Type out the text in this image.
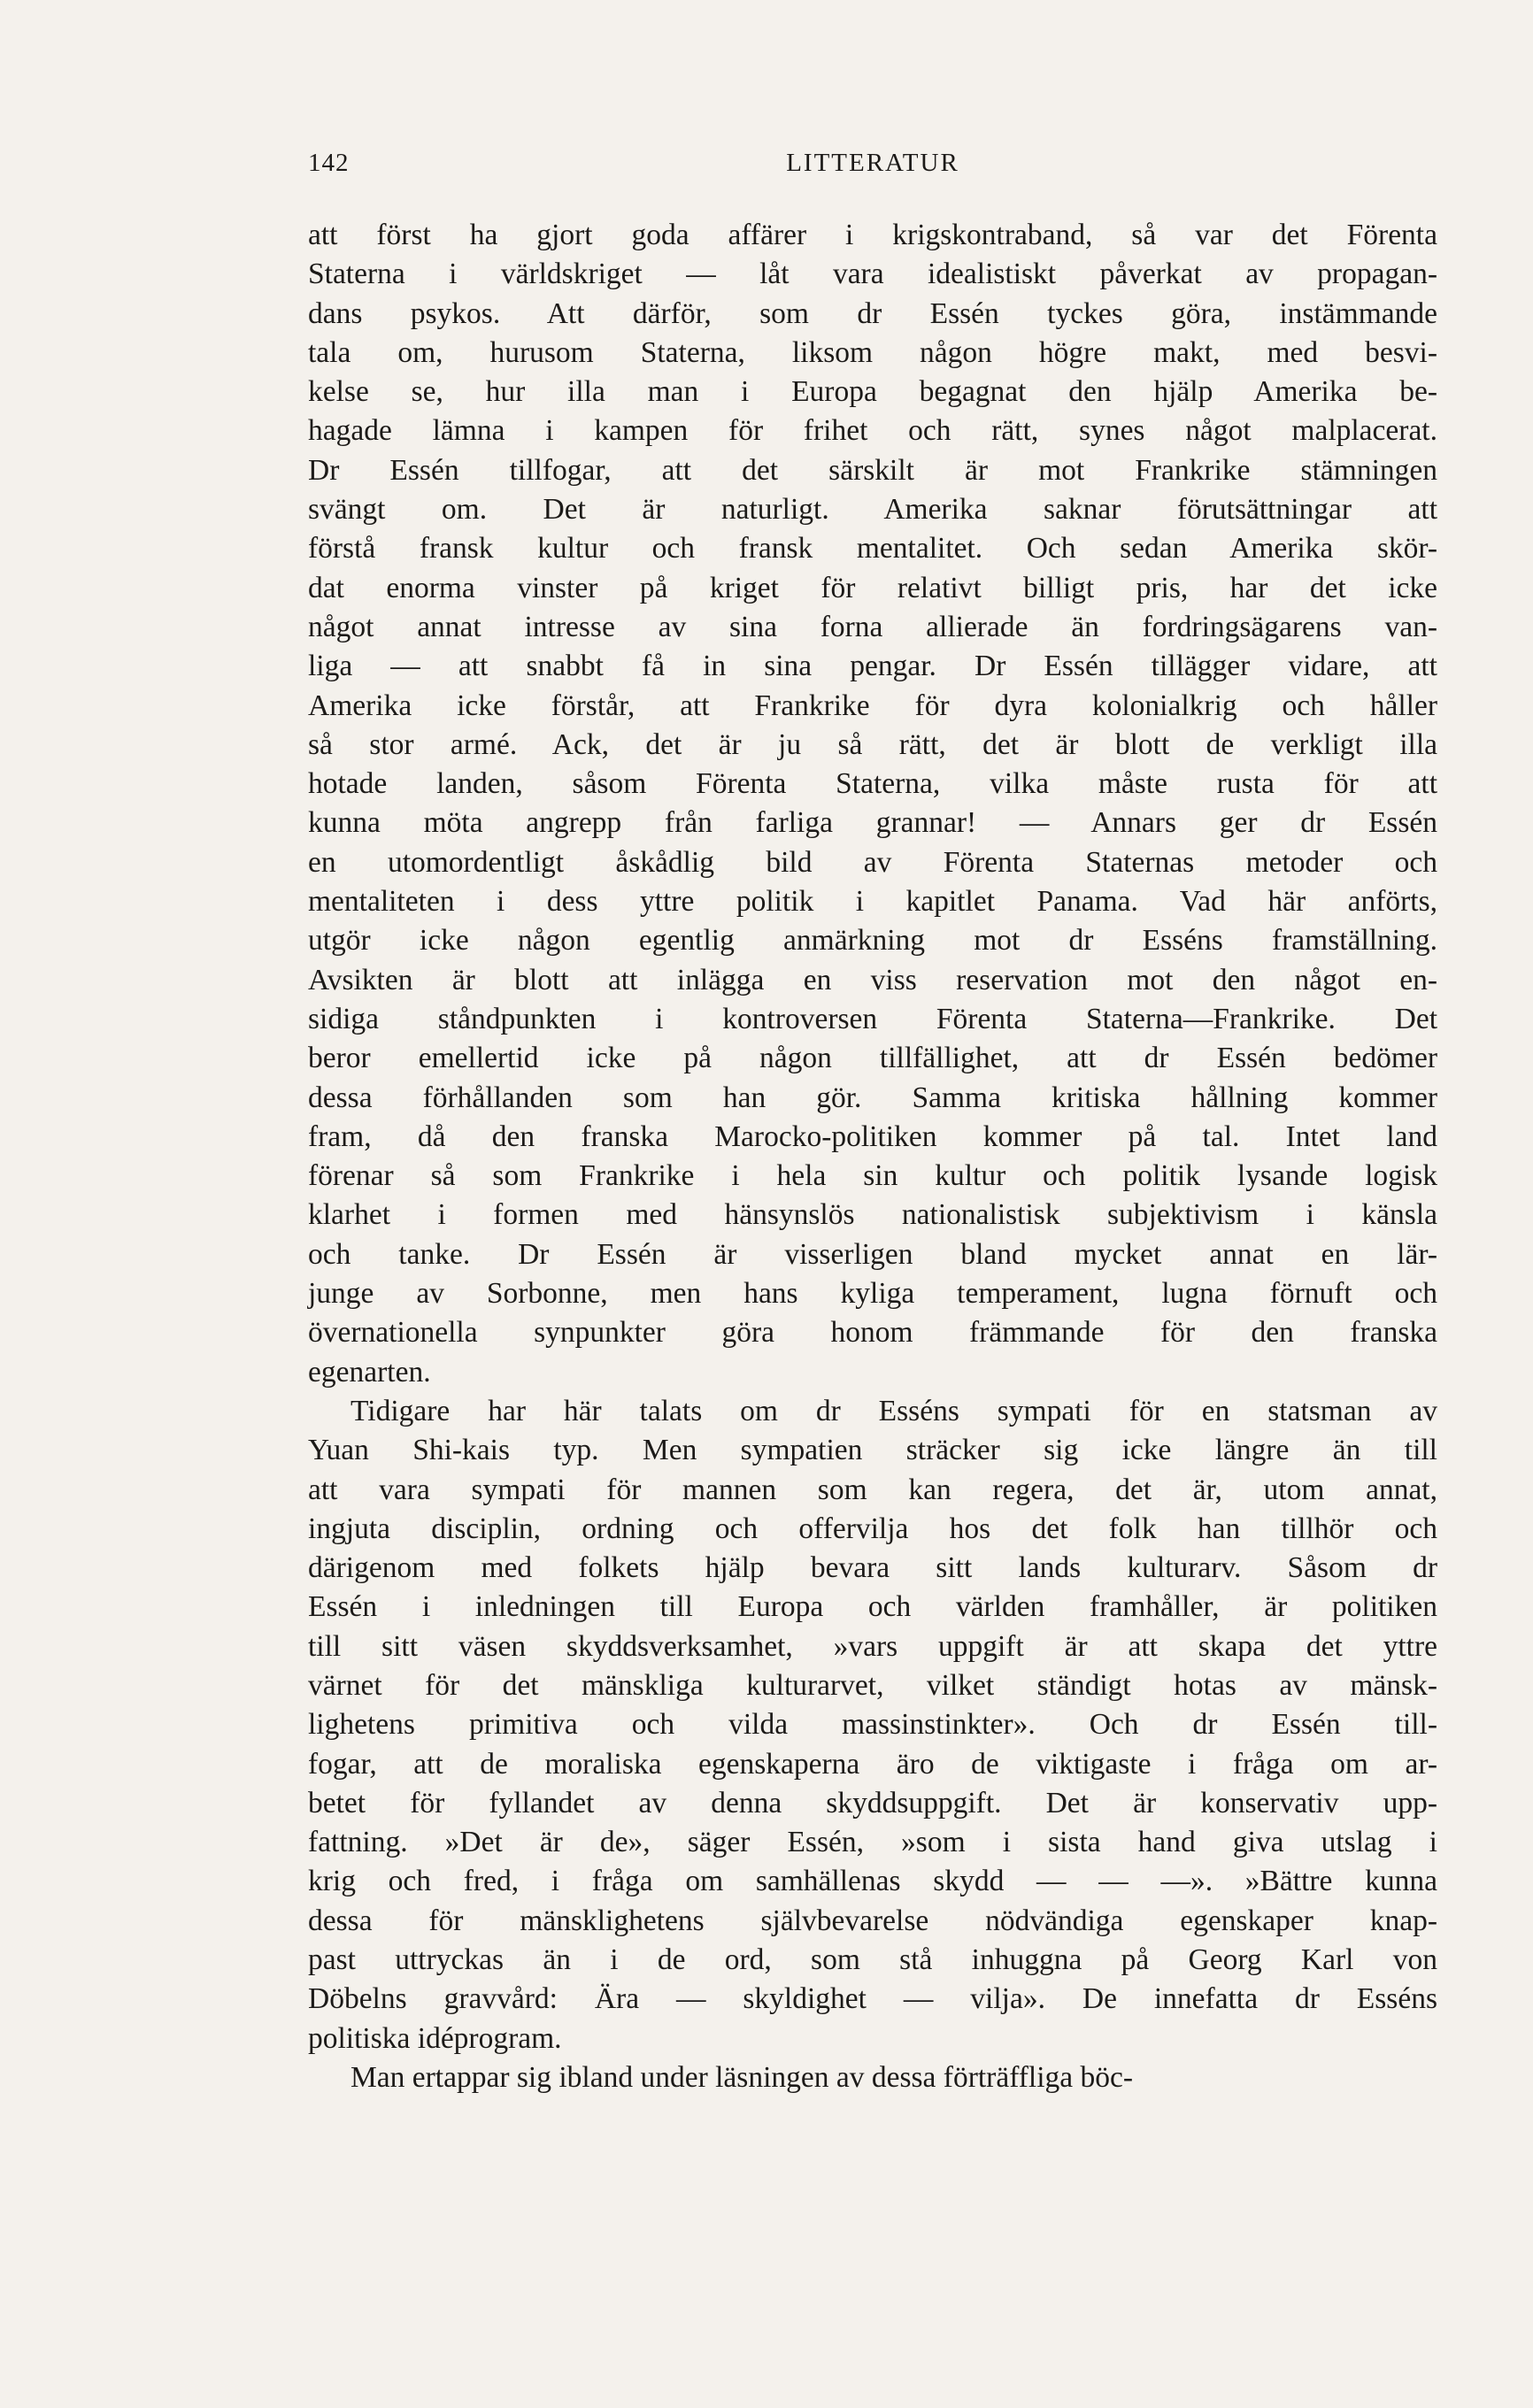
142	LITTERATUR
att först ha gjort goda affärer i krigskontraband, så var det Förenta
Staterna i världskriget — låt vara idealistiskt påverkat av propagan-
dans psykos. Att därför, som dr Essén tyckes göra, instämmande
tala om, hurusom Staterna, liksom någon högre makt, med besvi-
kelse se, hur illa man i Europa begagnat den hjälp Amerika be-
hagade lämna i kampen för frihet och rätt, synes något malplacerat.
Dr Essén tillfogar, att det särskilt är mot Frankrike stämningen
svängt om. Det är naturligt. Amerika saknar förutsättningar att
förstå fransk kultur och fransk mentalitet. Och sedan Amerika skör-
dat enorma vinster på kriget för relativt billigt pris, har det icke
något annat intresse av sina forna allierade än fordringsägarens van-
liga — att snabbt få in sina pengar. Dr Essén tillägger vidare, att
Amerika icke förstår, att Frankrike för dyra kolonialkrig och håller
så stor armé. Ack, det är ju så rätt, det är blott de verkligt illa
hotade landen, såsom Förenta Staterna, vilka måste rusta för att
kunna möta angrepp från farliga grannar! — Annars ger dr Essén
en utomordentligt åskådlig bild av Förenta Staternas metoder och
mentaliteten i dess yttre politik i kapitlet Panama. Vad här anförts,
utgör icke någon egentlig anmärkning mot dr Esséns framställning.
Avsikten är blott att inlägga en viss reservation mot den något en-
sidiga ståndpunkten i kontroversen Förenta Staterna—Frankrike. Det
beror emellertid icke på någon tillfällighet, att dr Essén bedömer
dessa förhållanden som han gör. Samma kritiska hållning kommer
fram, då den franska Marocko-politiken kommer på tal. Intet land
förenar så som Frankrike i hela sin kultur och politik lysande logisk
klarhet i formen med hänsynslös nationalistisk subjektivism i känsla
och tanke. Dr Essén är visserligen bland mycket annat en lär-
junge av Sorbonne, men hans kyliga temperament, lugna förnuft och
övernationella synpunkter göra honom främmande för den franska
egenarten.
Tidigare har här talats om dr Esséns sympati för en statsman av
Yuan Shi-kais typ. Men sympatien sträcker sig icke längre än till
att vara sympati för mannen som kan regera, det är, utom annat,
ingjuta disciplin, ordning och offervilja hos det folk han tillhör och
därigenom med folkets hjälp bevara sitt lands kulturarv. Såsom dr
Essén i inledningen till Europa och världen framhåller, är politiken
till sitt väsen skyddsverksamhet, »vars uppgift är att skapa det yttre
värnet för det mänskliga kulturarvet, vilket ständigt hotas av mänsk-
lighetens primitiva och vilda massinstinkter». Och dr Essén till-
fogar, att de moraliska egenskaperna äro de viktigaste i fråga om ar-
betet för fyllandet av denna skyddsuppgift. Det är konservativ upp-
fattning. »Det är de», säger Essén, »som i sista hand giva utslag i
krig och fred, i fråga om samhällenas skydd — — —». »Bättre kunna
dessa för mänsklighetens självbevarelse nödvändiga egenskaper knap-
past uttryckas än i de ord, som stå inhuggna på Georg Karl von
Döbelns gravvård: Ära — skyldighet — vilja». De innefatta dr Esséns
politiska idéprogram.
Man ertappar sig ibland under läsningen av dessa förträffliga böc-
